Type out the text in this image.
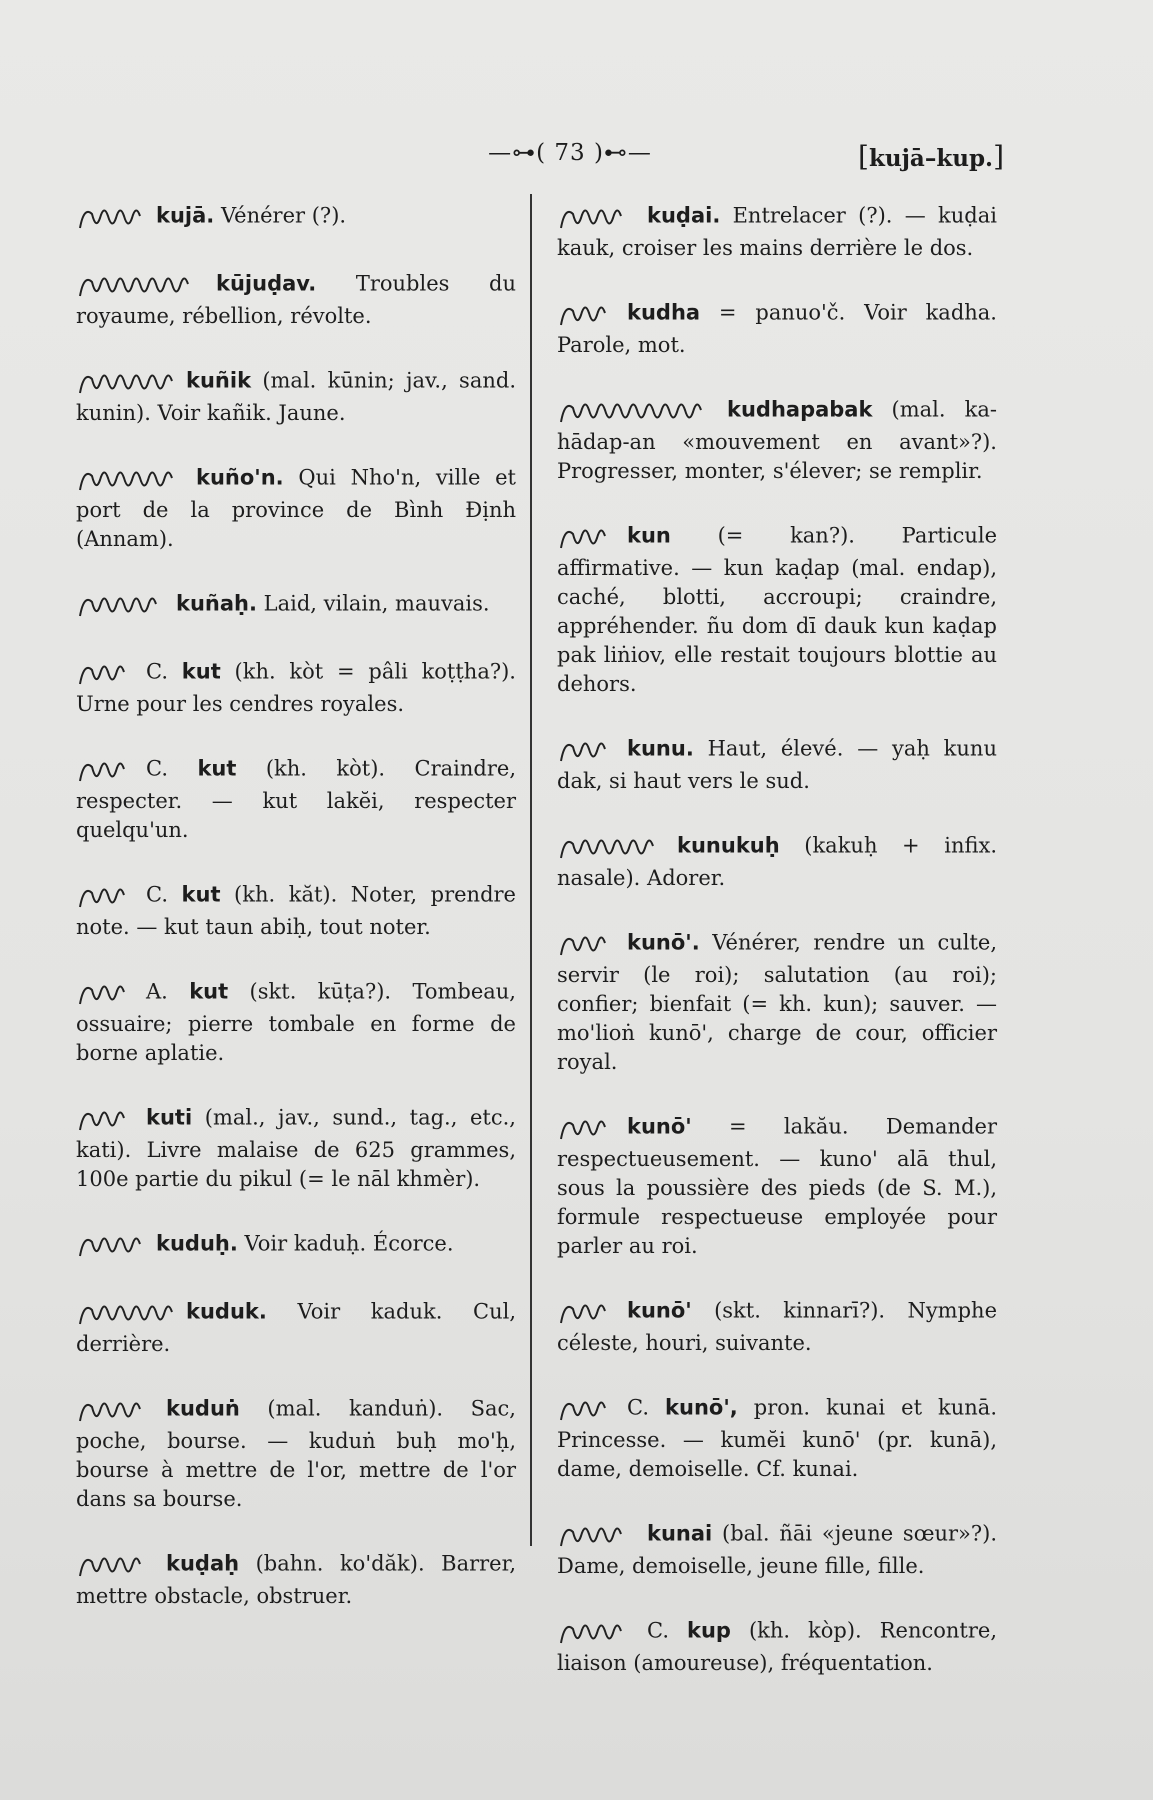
—⊶( 73 )⊷—	[kujā–kup.]
kujā. Vénérer (?).
kūjuḍav. Troubles du royaume, rébellion, révolte.
kuñik (mal. kūnin; jav., sand. kunin). Voir kañik. Jaune.
kuño'n. Qui Nho'n, ville et port de la province de Bình Định (Annam).
kuñaḥ. Laid, vilain, mauvais.
C. kut (kh. kòt = pâli koṭṭha?). Urne pour les cendres royales.
C. kut (kh. kòt). Craindre, respecter. — kut lakĕi, respecter quelqu'un.
C. kut (kh. kăt). Noter, prendre note. — kut taun abiḥ, tout noter.
A. kut (skt. kūṭa?). Tombeau, ossuaire; pierre tombale en forme de borne aplatie.
kuti (mal., jav., sund., tag., etc., kati). Livre malaise de 625 grammes, 100e partie du pikul (= le nāl khmèr).
kuduḥ. Voir kaduḥ. Écorce.
kuduk. Voir kaduk. Cul, derrière.
kuduṅ (mal. kanduṅ). Sac, poche, bourse. — kuduṅ buḥ mo'ḥ, bourse à mettre de l'or, mettre de l'or dans sa bourse.
kuḍaḥ (bahn. ko'dăk). Barrer, mettre obstacle, obstruer.
kuḍai. Entrelacer (?). — kuḍai kauk, croiser les mains derrière le dos.
kudha = panuo'č. Voir kadha. Parole, mot.
kudhapabak (mal. ka-hādap-an «mouvement en avant»?). Progresser, monter, s'élever; se remplir.
kun (= kan?). Particule affirmative. — kun kaḍap (mal. endap), caché, blotti, accroupi; craindre, appréhender. ñu dom dī dauk kun kaḍap pak liṅiov, elle restait toujours blottie au dehors.
kunu. Haut, élevé. — yaḥ kunu dak, si haut vers le sud.
kunukuḥ (kakuḥ + infix. nasale). Adorer.
kunō'. Vénérer, rendre un culte, servir (le roi); salutation (au roi); confier; bienfait (= kh. kun); sauver. — mo'lioṅ kunō', charge de cour, officier royal.
kunō' = lakău. Demander respectueusement. — kuno' alā thul, sous la poussière des pieds (de S. M.), formule respectueuse employée pour parler au roi.
kunō' (skt. kinnarī?). Nymphe céleste, houri, suivante.
C. kunō', pron. kunai et kunā. Princesse. — kumĕi kunō' (pr. kunā), dame, demoiselle. Cf. kunai.
kunai (bal. ñāi «jeune sœur»?). Dame, demoiselle, jeune fille, fille.
C. kup (kh. kòp). Rencontre, liaison (amoureuse), fréquentation.
